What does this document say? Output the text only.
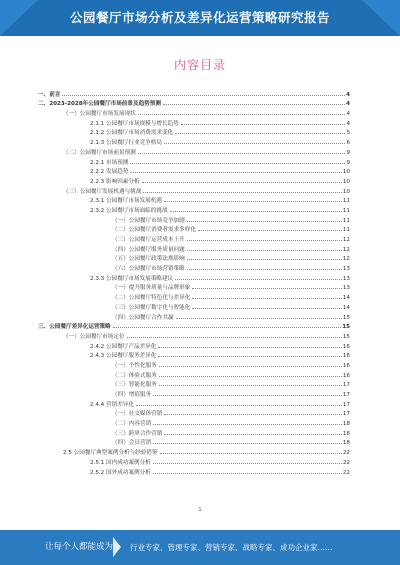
公园餐厅市场分析及差异化运营策略研究报告
内容目录
一、前言	4
二、2023-2028年公园餐厅市场前景及趋势预测	4
（一）公园餐厅市场发展现状	4
2.1.1 公园餐厅市场规模与增长趋势	4
2.1.2 公园餐厅市场消费需求变化	5
2.1.3 公园餐厅行业竞争格局	6
（二）公园餐厅市场前景预测	9
2.2.1 市场预测	9
2.2.2 发展趋势	10
2.2.3 影响因素分析	10
（三）公园餐厅发展机遇与挑战	10
2.3.1 公园餐厅市场发展机遇	11
2.3.2 公园餐厅市场面临的挑战	11
（一）公园餐厅市场竞争加剧	11
（二）公园餐厅消费者需求多样化	11
（三）公园餐厅运营成本上升	12
（四）公园餐厅服务质量问题	12
（五）公园餐厅政策法规影响	12
（六）公园餐厅市场营销策略	13
2.3.3 公园餐厅市场发展策略建议	13
（一）提升服务质量与品牌形象	13
（二）公园餐厅特色化与差异化	14
（三）公园餐厅数字化与智能化	14
（四）公园餐厅合作共赢	15
三、公园餐厅差异化运营策略	15
（一）公园餐厅市场定位	15
2.4.2 公园餐厅产品差异化	16
2.4.3 公园餐厅服务差异化	16
（一）个性化服务	16
（二）体验式服务	16
（三）智能化服务	17
（四）增值服务	17
2.4.4 营销差异化	17
（一）社交媒体营销	17
（二）内容营销	18
（三）跨界合作营销	18
（四）会员营销	18
2.5 公园餐厅典型案例分析与经验借鉴	22
2.5.1 国内成功案例分析	22
2.5.2 国外成功案例分析	22
1
让每个人都能成为 行业专家、管理专家、营销专家、战略专家、成功企业家……
